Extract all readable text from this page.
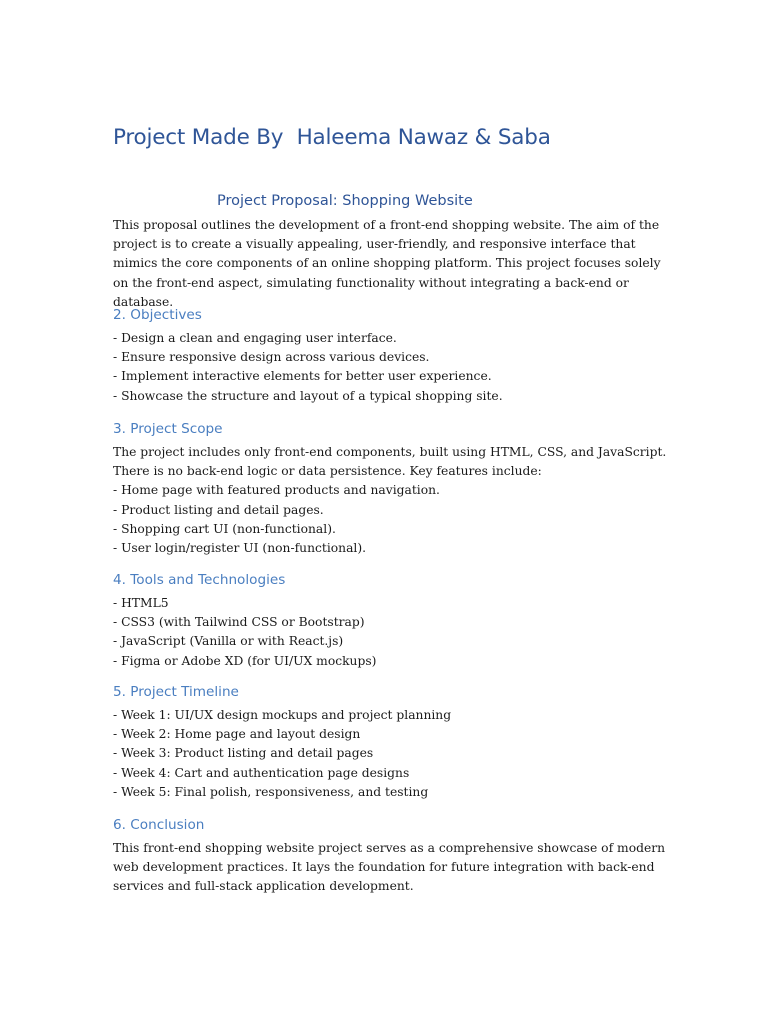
Project Made By  Haleema Nawaz & Saba
Project Proposal: Shopping Website

This proposal outlines the development of a front-end shopping website. The aim of the project is to create a visually appealing, user-friendly, and responsive interface that mimics the core components of an online shopping platform. This project focuses solely on the front-end aspect, simulating functionality without integrating a back-end or database.

2. Objectives
- Design a clean and engaging user interface.
- Ensure responsive design across various devices.
- Implement interactive elements for better user experience.
- Showcase the structure and layout of a typical shopping site.
3. Project Scope

The project includes only front-end components, built using HTML, CSS, and JavaScript. There is no back-end logic or data persistence. Key features include:

- Home page with featured products and navigation.
- Product listing and detail pages.
- Shopping cart UI (non-functional).
- User login/register UI (non-functional).
4. Tools and Technologies
- HTML5
- CSS3 (with Tailwind CSS or Bootstrap)
- JavaScript (Vanilla or with React.js)
- Figma or Adobe XD (for UI/UX mockups)
5. Project Timeline
- Week 1: UI/UX design mockups and project planning
- Week 2: Home page and layout design
- Week 3: Product listing and detail pages
- Week 4: Cart and authentication page designs
- Week 5: Final polish, responsiveness, and testing
6. Conclusion

This front-end shopping website project serves as a comprehensive showcase of modern web development practices. It lays the foundation for future integration with back-end services and full-stack application development.
